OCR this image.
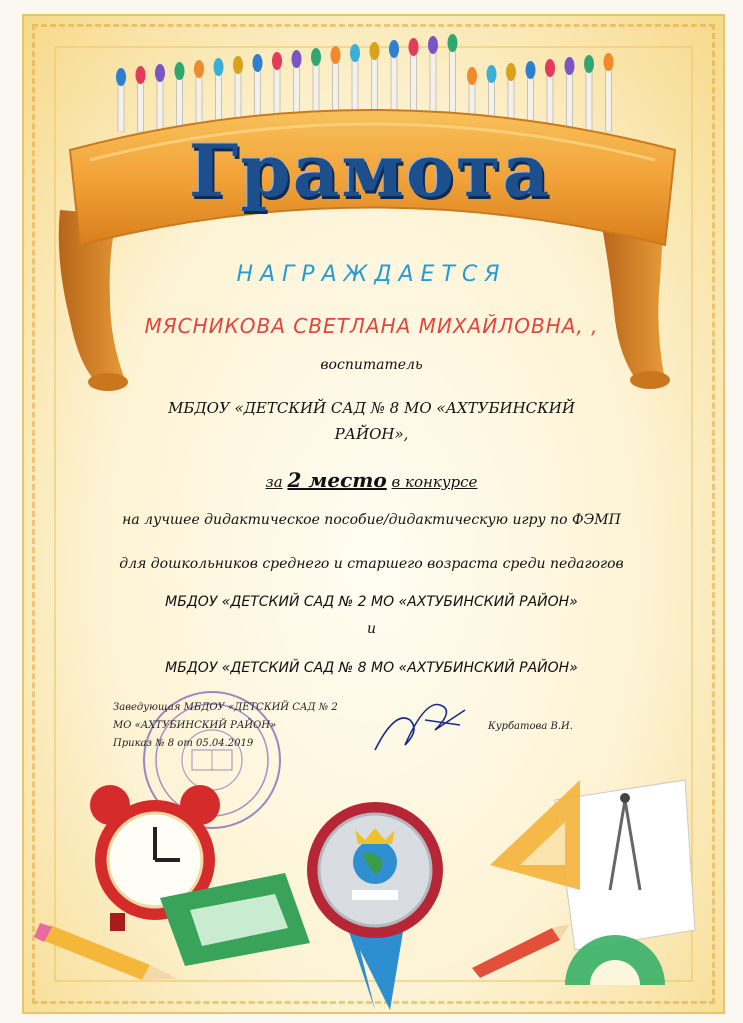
Грамота
НАГРАЖДАЕТСЯ
МЯСНИКОВА СВЕТЛАНА МИХАЙЛОВНА, ,
воспитатель
МБДОУ «ДЕТСКИЙ САД № 8 МО «АХТУБИНСКИЙ
РАЙОН»,
за 2 место в конкурсе
на лучшее дидактическое пособие/дидактическую игру по ФЭМП
для дошкольников среднего и старшего возраста среди педагогов
МБДОУ «ДЕТСКИЙ САД № 2 МО «АХТУБИНСКИЙ РАЙОН»
и
МБДОУ «ДЕТСКИЙ САД № 8 МО «АХТУБИНСКИЙ РАЙОН»
Заведующая МБДОУ «ДЕТСКИЙ САД № 2
МО «АХТУБИНСКИЙ РАЙОН»
Приказ № 8 от 05.04.2019
Курбатова В.И.
